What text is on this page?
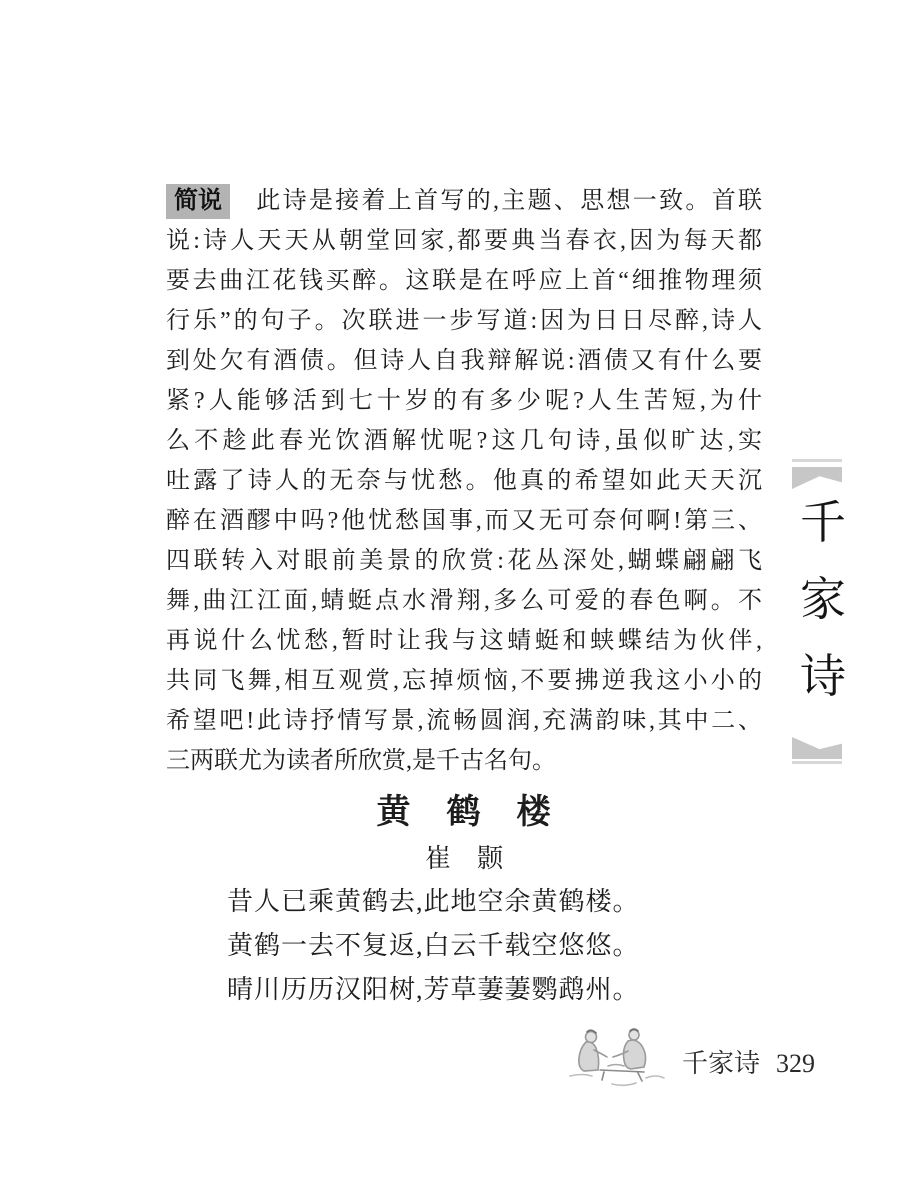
简说 此诗是接着上首写的,主题、思想一致。首联
说:诗人天天从朝堂回家,都要典当春衣,因为每天都
要去曲江花钱买醉。这联是在呼应上首“细推物理须
行乐”的句子。次联进一步写道:因为日日尽醉,诗人
到处欠有酒债。但诗人自我辩解说:酒债又有什么要
紧?人能够活到七十岁的有多少呢?人生苦短,为什
么不趁此春光饮酒解忧呢?这几句诗,虽似旷达,实
吐露了诗人的无奈与忧愁。他真的希望如此天天沉
醉在酒醪中吗?他忧愁国事,而又无可奈何啊!第三、
四联转入对眼前美景的欣赏:花丛深处,蝴蝶翩翩飞
舞,曲江江面,蜻蜓点水滑翔,多么可爱的春色啊。不
再说什么忧愁,暂时让我与这蜻蜓和蛱蝶结为伙伴,
共同飞舞,相互观赏,忘掉烦恼,不要拂逆我这小小的
希望吧!此诗抒情写景,流畅圆润,充满韵味,其中二、
三两联尤为读者所欣赏,是千古名句。
黄　鹤　楼
崔　颢
昔人已乘黄鹤去,此地空余黄鹤楼。
黄鹤一去不复返,白云千载空悠悠。
晴川历历汉阳树,芳草萋萋鹦鹉州。
千
家
诗
千家诗 329
